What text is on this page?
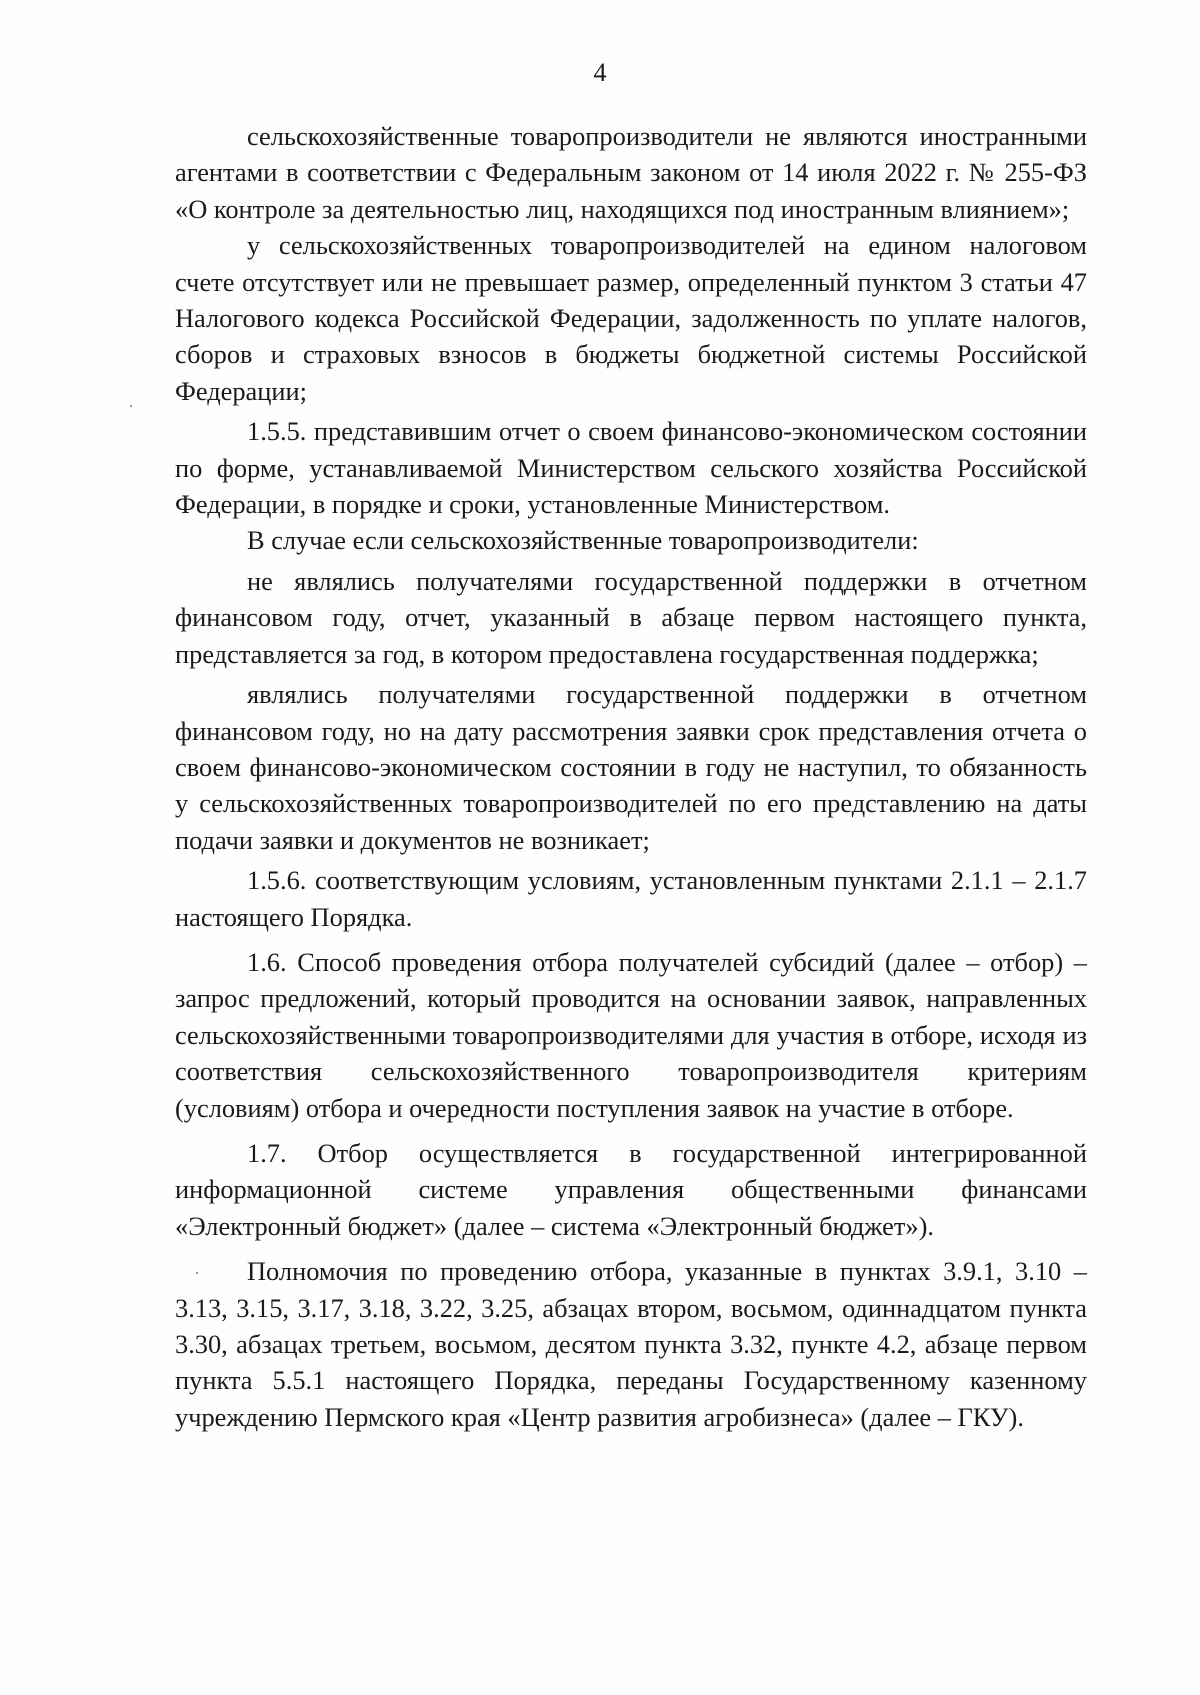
4

сельскохозяйственные товаропроизводители не являются иностранными агентами в соответствии с Федеральным законом от 14 июля 2022 г. № 255-ФЗ «О контроле за деятельностью лиц, находящихся под иностранным влиянием»;

у сельскохозяйственных товаропроизводителей на едином налоговом счете отсутствует или не превышает размер, определенный пунктом 3 статьи 47 Налогового кодекса Российской Федерации, задолженность по уплате налогов, сборов и страховых взносов в бюджеты бюджетной системы Российской Федерации;

1.5.5. представившим отчет о своем финансово-экономическом состоянии по форме, устанавливаемой Министерством сельского хозяйства Российской Федерации, в порядке и сроки, установленные Министерством.

В случае если сельскохозяйственные товаропроизводители:

не являлись получателями государственной поддержки в отчетном финансовом году, отчет, указанный в абзаце первом настоящего пункта, представляется за год, в котором предоставлена государственная поддержка;

являлись получателями государственной поддержки в отчетном финансовом году, но на дату рассмотрения заявки срок представления отчета о своем финансово-экономическом состоянии в году не наступил, то обязанность у сельскохозяйственных товаропроизводителей по его представлению на даты подачи заявки и документов не возникает;

1.5.6. соответствующим условиям, установленным пунктами 2.1.1 – 2.1.7 настоящего Порядка.

1.6. Способ проведения отбора получателей субсидий (далее – отбор) – запрос предложений, который проводится на основании заявок, направленных сельскохозяйственными товаропроизводителями для участия в отборе, исходя из соответствия сельскохозяйственного товаропроизводителя критериям (условиям) отбора и очередности поступления заявок на участие в отборе.

1.7. Отбор осуществляется в государственной интегрированной информационной системе управления общественными финансами «Электронный бюджет» (далее – система «Электронный бюджет»).

Полномочия по проведению отбора, указанные в пунктах 3.9.1, 3.10 – 3.13, 3.15, 3.17, 3.18, 3.22, 3.25, абзацах втором, восьмом, одиннадцатом пункта 3.30, абзацах третьем, восьмом, десятом пункта 3.32, пункте 4.2, абзаце первом пункта 5.5.1 настоящего Порядка, переданы Государственному казенному учреждению Пермского края «Центр развития агробизнеса» (далее – ГКУ).
